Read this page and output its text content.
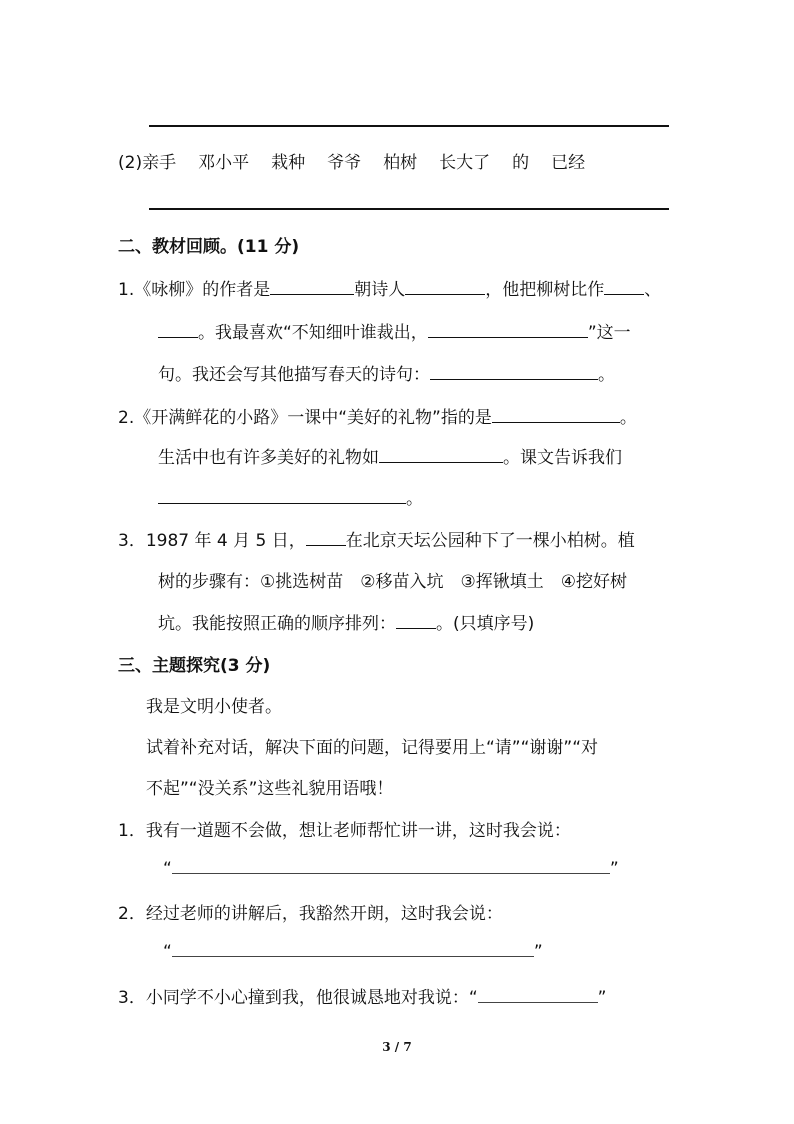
(2)亲手 邓小平 栽种 爷爷 柏树 长大了 的 已经
二、教材回顾。(11 分)
1.《咏柳》的作者是	朝诗人	，他把柳树比作 、
。我最喜欢“不知细叶谁裁出，	”这一
句。我还会写其他描写春天的诗句：	。
2.《开满鲜花的小路》一课中“美好的礼物”指的是	。
生活中也有许多美好的礼物如	。课文告诉我们
。
3．1987 年 4 月 5 日， 在北京天坛公园种下了一棵小柏树。植
树的步骤有：①挑选树苗　②移苗入坑　③挥锹填土　④挖好树
坑。我能按照正确的顺序排列： 。(只填序号)
三、主题探究(3 分)
我是文明小使者。
试着补充对话，解决下面的问题，记得要用上“请”“谢谢”“对
不起”“没关系”这些礼貌用语哦！
1．我有一道题不会做，想让老师帮忙讲一讲，这时我会说：
“	”
2．经过老师的讲解后，我豁然开朗，这时我会说：
“	”
3．小同学不小心撞到我，他很诚恳地对我说：“	”
3 / 7
